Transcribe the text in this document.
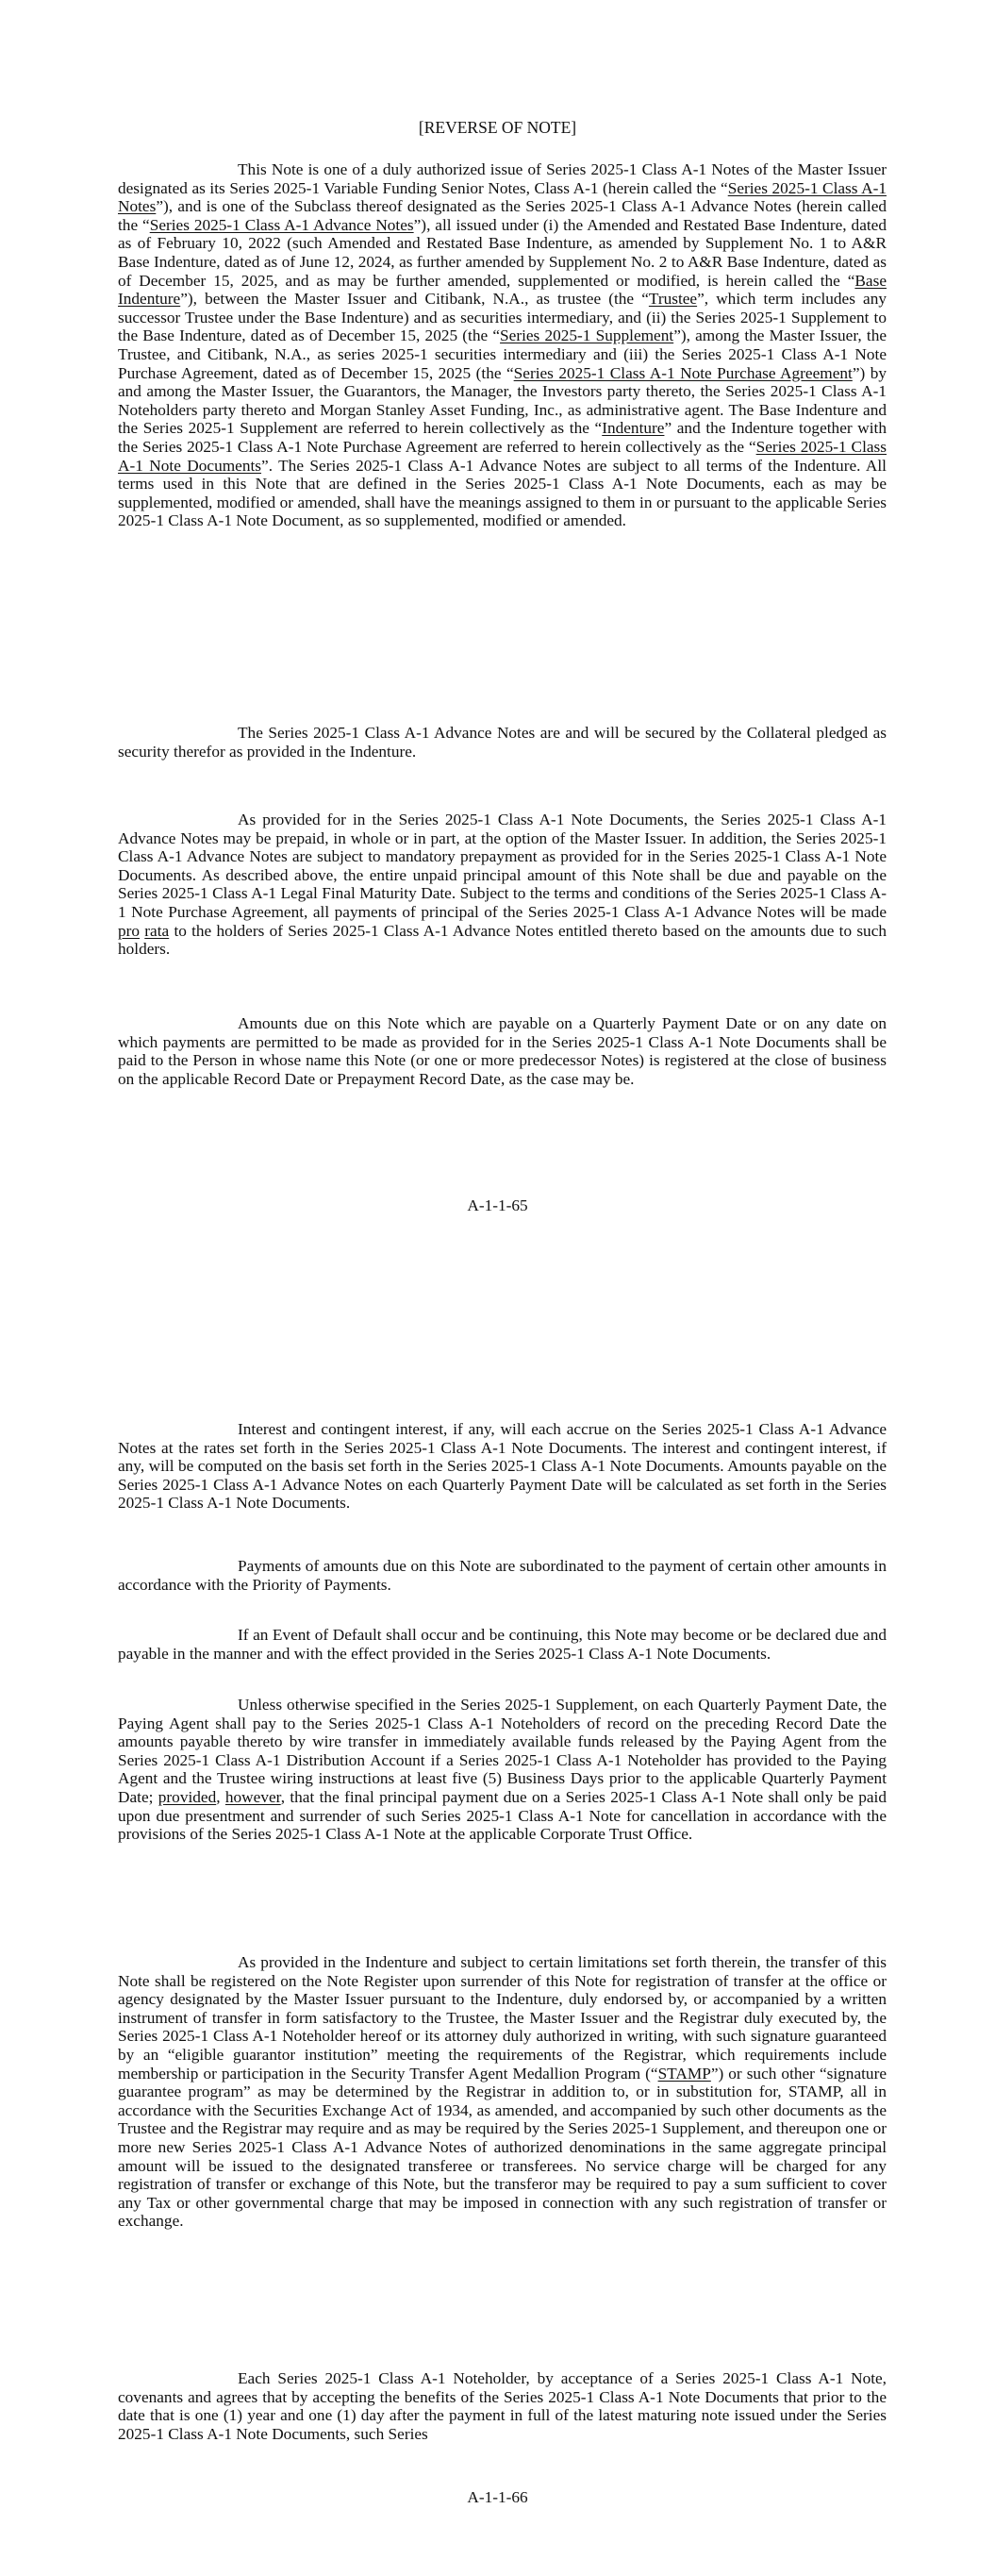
[REVERSE OF NOTE]

This Note is one of a duly authorized issue of Series 2025-1 Class A-1 Notes of the Master Issuer designated as its Series 2025-1 Variable Funding Senior Notes, Class A-1 (herein called the “Series 2025-1 Class A-1 Notes”), and is one of the Subclass thereof designated as the Series 2025-1 Class A-1 Advance Notes (herein called the “Series 2025-1 Class A-1 Advance Notes”), all issued under (i) the Amended and Restated Base Indenture, dated as of February 10, 2022 (such Amended and Restated Base Indenture, as amended by Supplement No. 1 to A&R Base Indenture, dated as of June 12, 2024, as further amended by Supplement No. 2 to A&R Base Indenture, dated as of December 15, 2025, and as may be further amended, supplemented or modified, is herein called the “Base Indenture”), between the Master Issuer and Citibank, N.A., as trustee (the “Trustee”, which term includes any successor Trustee under the Base Indenture) and as securities intermediary, and (ii) the Series 2025-1 Supplement to the Base Indenture, dated as of December 15, 2025 (the “Series 2025-1 Supplement”), among the Master Issuer, the Trustee, and Citibank, N.A., as series 2025-1 securities intermediary and (iii) the Series 2025-1 Class A-1 Note Purchase Agreement, dated as of December 15, 2025 (the “Series 2025-1 Class A-1 Note Purchase Agreement”) by and among the Master Issuer, the Guarantors, the Manager, the Investors party thereto, the Series 2025-1 Class A-1 Noteholders party thereto and Morgan Stanley Asset Funding, Inc., as administrative agent. The Base Indenture and the Series 2025-1 Supplement are referred to herein collectively as the “Indenture” and the Indenture together with the Series 2025-1 Class A-1 Note Purchase Agreement are referred to herein collectively as the “Series 2025-1 Class A-1 Note Documents”. The Series 2025-1 Class A-1 Advance Notes are subject to all terms of the Indenture. All terms used in this Note that are defined in the Series 2025-1 Class A-1 Note Documents, each as may be supplemented, modified or amended, shall have the meanings assigned to them in or pursuant to the applicable Series 2025-1 Class A-1 Note Document, as so supplemented, modified or amended.

The Series 2025-1 Class A-1 Advance Notes are and will be secured by the Collateral pledged as security therefor as provided in the Indenture.

As provided for in the Series 2025-1 Class A-1 Note Documents, the Series 2025-1 Class A-1 Advance Notes may be prepaid, in whole or in part, at the option of the Master Issuer. In addition, the Series 2025-1 Class A-1 Advance Notes are subject to mandatory prepayment as provided for in the Series 2025-1 Class A-1 Note Documents. As described above, the entire unpaid principal amount of this Note shall be due and payable on the Series 2025-1 Class A-1 Legal Final Maturity Date. Subject to the terms and conditions of the Series 2025-1 Class A-1 Note Purchase Agreement, all payments of principal of the Series 2025-1 Class A-1 Advance Notes will be made pro rata to the holders of Series 2025-1 Class A-1 Advance Notes entitled thereto based on the amounts due to such holders.

Amounts due on this Note which are payable on a Quarterly Payment Date or on any date on which payments are permitted to be made as provided for in the Series 2025-1 Class A-1 Note Documents shall be paid to the Person in whose name this Note (or one or more predecessor Notes) is registered at the close of business on the applicable Record Date or Prepayment Record Date, as the case may be.

A-1-1-65

Interest and contingent interest, if any, will each accrue on the Series 2025-1 Class A-1 Advance Notes at the rates set forth in the Series 2025-1 Class A-1 Note Documents. The interest and contingent interest, if any, will be computed on the basis set forth in the Series 2025-1 Class A-1 Note Documents. Amounts payable on the Series 2025-1 Class A-1 Advance Notes on each Quarterly Payment Date will be calculated as set forth in the Series 2025-1 Class A-1 Note Documents.

Payments of amounts due on this Note are subordinated to the payment of certain other amounts in accordance with the Priority of Payments.

If an Event of Default shall occur and be continuing, this Note may become or be declared due and payable in the manner and with the effect provided in the Series 2025-1 Class A-1 Note Documents.

Unless otherwise specified in the Series 2025-1 Supplement, on each Quarterly Payment Date, the Paying Agent shall pay to the Series 2025-1 Class A-1 Noteholders of record on the preceding Record Date the amounts payable thereto by wire transfer in immediately available funds released by the Paying Agent from the Series 2025-1 Class A-1 Distribution Account if a Series 2025-1 Class A-1 Noteholder has provided to the Paying Agent and the Trustee wiring instructions at least five (5) Business Days prior to the applicable Quarterly Payment Date; provided, however, that the final principal payment due on a Series 2025-1 Class A-1 Note shall only be paid upon due presentment and surrender of such Series 2025-1 Class A-1 Note for cancellation in accordance with the provisions of the Series 2025-1 Class A-1 Note at the applicable Corporate Trust Office.

As provided in the Indenture and subject to certain limitations set forth therein, the transfer of this Note shall be registered on the Note Register upon surrender of this Note for registration of transfer at the office or agency designated by the Master Issuer pursuant to the Indenture, duly endorsed by, or accompanied by a written instrument of transfer in form satisfactory to the Trustee, the Master Issuer and the Registrar duly executed by, the Series 2025-1 Class A-1 Noteholder hereof or its attorney duly authorized in writing, with such signature guaranteed by an “eligible guarantor institution” meeting the requirements of the Registrar, which requirements include membership or participation in the Security Transfer Agent Medallion Program (“STAMP”) or such other “signature guarantee program” as may be determined by the Registrar in addition to, or in substitution for, STAMP, all in accordance with the Securities Exchange Act of 1934, as amended, and accompanied by such other documents as the Trustee and the Registrar may require and as may be required by the Series 2025-1 Supplement, and thereupon one or more new Series 2025-1 Class A-1 Advance Notes of authorized denominations in the same aggregate principal amount will be issued to the designated transferee or transferees. No service charge will be charged for any registration of transfer or exchange of this Note, but the transferor may be required to pay a sum sufficient to cover any Tax or other governmental charge that may be imposed in connection with any such registration of transfer or exchange.

Each Series 2025-1 Class A-1 Noteholder, by acceptance of a Series 2025-1 Class A-1 Note, covenants and agrees that by accepting the benefits of the Series 2025-1 Class A-1 Note Documents that prior to the date that is one (1) year and one (1) day after the payment in full of the latest maturing note issued under the Series 2025-1 Class A-1 Note Documents, such Series

A-1-1-66
